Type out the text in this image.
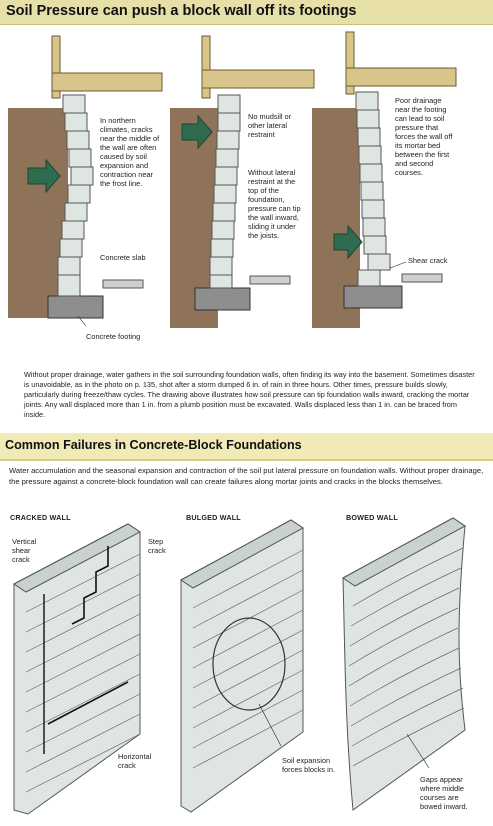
Soil Pressure can push a block wall off its footings
In northern climates, cracks near the middle of the wall are often caused by soil expansion and contraction near the frost line.
Concrete slab
Concrete footing
No mudsill or other lateral restraint
Without lateral restraint at the top of the foundation, pressure can tip the wall inward, sliding it under the joists.
Poor drainage near the footing can lead to soil pressure that forces the wall off its mortar bed between the first and second courses.
Shear crack
Without proper drainage, water gathers in the soil surrounding foundation walls, often finding its way into the basement. Sometimes disaster is unavoidable, as in the photo on p. 135, shot after a storm dumped 6 in. of rain in three hours. Other times, pressure builds slowly, particularly during freeze/thaw cycles. The drawing above illustrates how soil pressure can tip foundation walls inward, cracking the mortar joints. Any wall displaced more than 1 in. from a plumb position must be excavated. Walls displaced less than 1 in. can be braced from inside.
Common Failures in Concrete-Block Foundations
Water accumulation and the seasonal expansion and contraction of the soil put lateral pressure on foundation walls. Without proper drainage, the pressure against a concrete-block foundation wall can create failures along mortar joints and cracks in the blocks themselves.
CRACKED WALL	BULGED WALL	BOWED WALL
Vertical shear crack
Step crack
Horizontal crack
Soil expansion forces blocks in.
Gaps appear where middle courses are bowed inward.
